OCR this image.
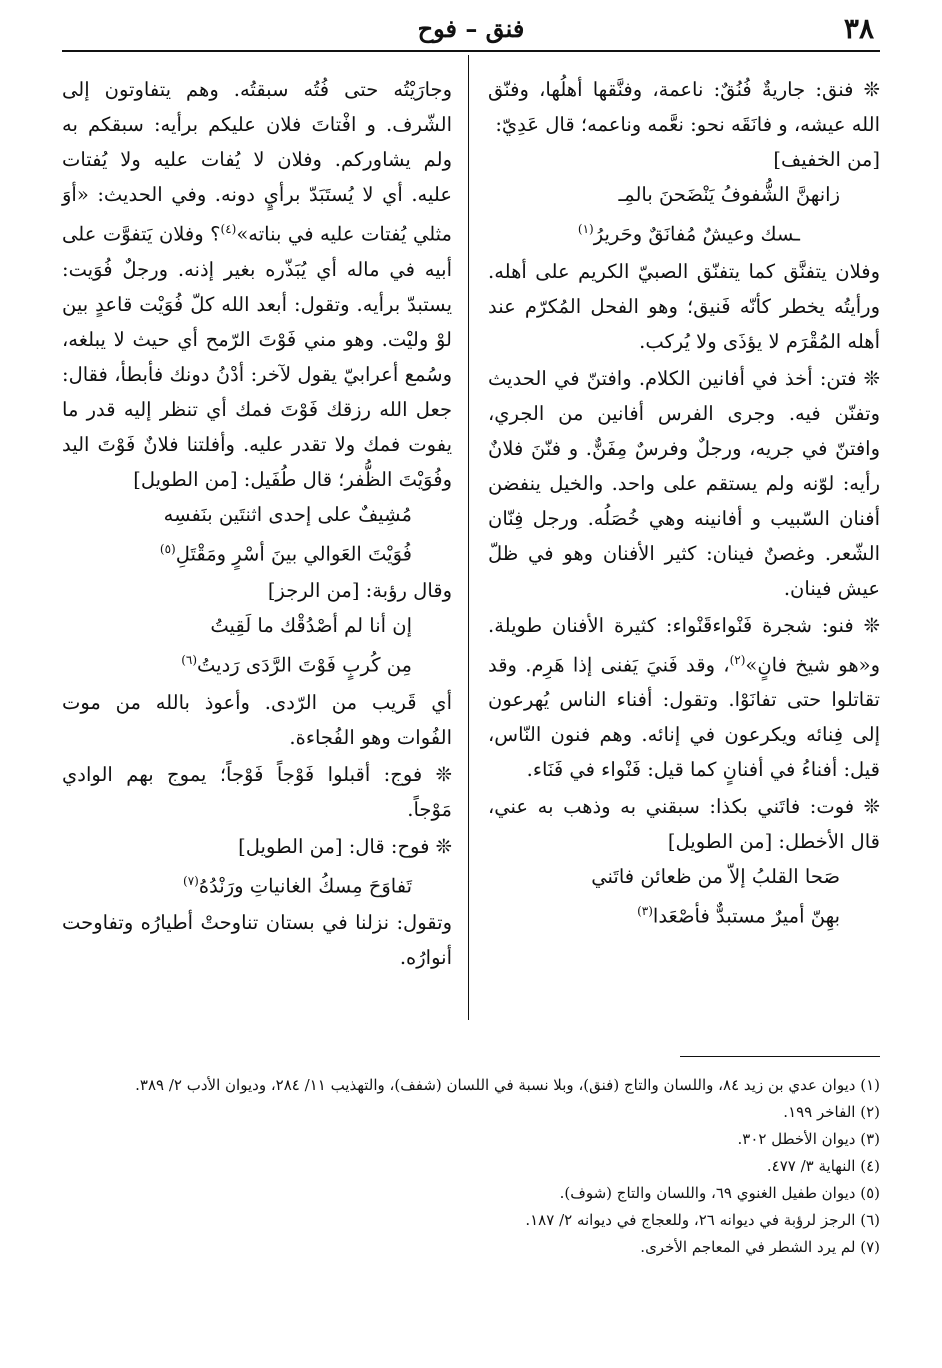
٣٨
فنق – فوح

❊ فنق: جاريةٌ فُنُقٌ: ناعمة، وفنَّقها أهلُها، وفنّق الله عيشه، و فانَقَه نحو: نعَّمه وناعمه؛ قال عَدِيّ:

[من الخفيف]
زانهنَّ الشُّفوفُ يَنْضَحنَ بالمِـ
ـسك وعيشٌ مُفانَقٌ وحَريرُ$^{(١)}$

وفلان يتفنَّق كما يتفنّق الصبيّ الكريم على أهله. ورأيتُه يخطر كأنّه فَنيق؛ وهو الفحل المُكرّم عند أهله المُقْرَم لا يؤذَى ولا يُركب.

❊ فتن: أخذ في أفانين الكلام. وافتنّ في الحديث وتفنّن فيه. وجرى الفرس أفانين من الجري، وافتنّ في جريه، ورجلٌ وفرسٌ مِفَنٌّ. و فنّنَ فلانٌ رأيه: لوّنه ولم يستقم على واحد. والخيل ينفضن أفنان السّبيب و أفانينه وهي خُصَلُه. ورجل فِنّان الشّعر. وغصنٌ فينان: كثير الأفنان وهو في ظلّ عيش فينان.

❊ فنو: شجرة فَنْواءقَنْواء: كثيرة الأفنان طويلة. و«هو شيخ فانٍ»$^{(٢)}$، وقد فَنيَ يَفنى إذا هَرِم. وقد تقاتلوا حتى تفانَوْا. وتقول: أفناء الناس يُهرعون إلى فِنائه ويكرعون في إنائه. وهم فنون النّاس، قيل: أفناءُ في أفنانٍ كما قيل: فَنْواء في فَنَاء.

❊ فوت: فاتَني بكذا: سبقني به وذهب به عني، قال الأخطل: [من الطويل]

صَحا القلبُ إلاّ من ظعائن فاتَني
بهِنّ أميرٌ مستبدٌّ فأصْعَدا$^{(٣)}$

وجارَيْتُه حتى فُتُه سبقتُه. وهم يتفاوتون إلى الشّرف. و افْتاتَ فلان عليكم برأيه: سبقكم به ولم يشاوركم. وفلان لا يُفات عليه ولا يُفتات عليه. أي لا يُستَبَدّ برأيٍ دونه. وفي الحديث: «أوَ مثلي يُفتات عليه في بناته»$^{(٤)}$؟ وفلان يَتفوَّت على أبيه في ماله أي يُبَذّره بغير إذنه. ورجلٌ فُوَيت: يستبدّ برأيه. وتقول: أبعد الله كلّ فُوَيْت قاعدٍ بين لوْ وليْت. وهو مني فَوْتَ الرّمح أي حيث لا يبلغه، وسُمع أعرابيّ يقول لآخر: أدْنُ دونك فأبطأ، فقال: جعل الله رزقك فَوْتَ فمك أي تنظر إليه قدر ما يفوت فمك ولا تقدر عليه. وأفلتنا فلانٌ فَوْتَ اليد وفُوَيْتَ الظُّفر؛ قال طُفَيل: [من الطويل]

مُشِيفٌ على إحدى اثنتَين بنَفسِه
فُوَيْتَ العَوالي بينَ أسْرٍ ومَقْتَلِ$^{(٥)}$

وقال رؤبة: [من الرجز]

إن أنا لم أصْدُقْك ما لَقِيتُ
مِن كُربٍ فَوْتَ الرَّدَى رَديتُ$^{(٦)}$

أي قَريب من الرّدى. وأعوذ بالله من موت الفُوات وهو الفُجاءة.

❊ فوج: أقبلوا فَوْجاً فَوْجاً؛ يموج بهم الوادي مَوْجاً.

❊ فوح: قال: [من الطويل]

تَفاوَحَ مِسكُ الغانياتِ ورَنْدُهُ$^{(٧)}$

وتقول: نزلنا في بستان تناوحتْ أطيارُه وتفاوحت أنوارُه.

(١) ديوان عدي بن زيد ٨٤، واللسان والتاج (فنق)، وبلا نسبة في اللسان (شفف)، والتهذيب ١١/ ٢٨٤، وديوان الأدب ٢/ ٣٨٩.
(٢) الفاخر ١٩٩.
(٣) ديوان الأخطل ٣٠٢.
(٤) النهاية ٣/ ٤٧٧.
(٥) ديوان طفيل الغنوي ٦٩، واللسان والتاج (شوف).
(٦) الرجز لرؤبة في ديوانه ٢٦، وللعجاج في ديوانه ٢/ ١٨٧.
(٧) لم يرد الشطر في المعاجم الأخرى.
